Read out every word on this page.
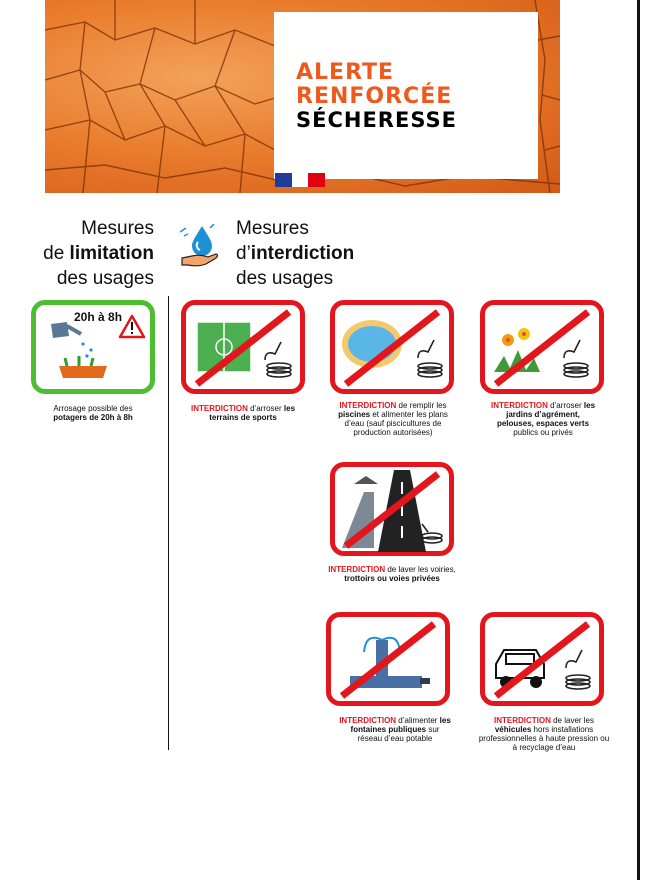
ALERTE
RENFORCÉE
SÉCHERESSE
Mesures
de limitation
des usages
Mesures
d’interdiction
des usages
20h à 8h
Arrosage possible des
potagers de 20h à 8h
INTERDICTION d’arroser les terrains de sports
INTERDICTION de remplir les piscines et alimenter les plans d’eau (sauf piscicultures de production autorisées)
INTERDICTION d’arroser les jardins d’agrément, pelouses, espaces verts publics ou privés
INTERDICTION de laver les voiries, trottoirs ou voies privées
INTERDICTION d’alimenter les fontaines publiques sur réseau d’eau potable
INTERDICTION de laver les véhicules hors installations professionnelles à haute pression ou à recyclage d’eau
